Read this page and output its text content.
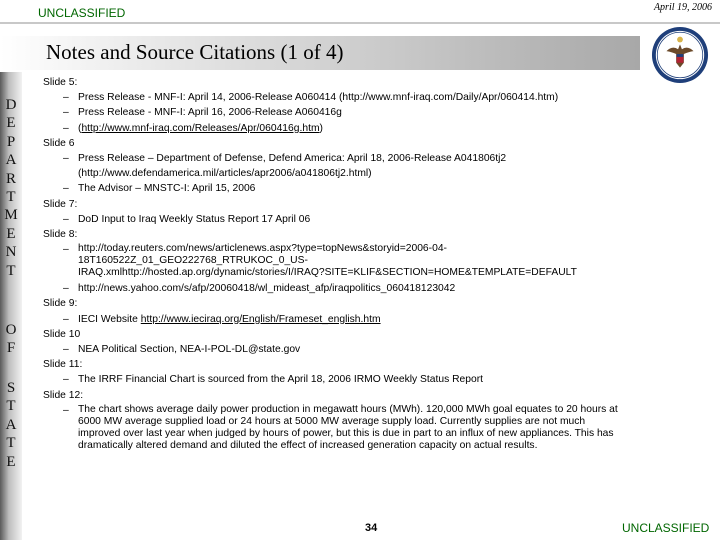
UNCLASSIFIED	April 19, 2006
Notes and Source Citations (1 of 4)
D
E
P
A
R
T
M
E
N
T
O
F
S
T
A
T
E
Slide 5:
– Press Release - MNF-I: April 14, 2006-Release A060414 (http://www.mnf-iraq.com/Daily/Apr/060414.htm)
– Press Release - MNF-I: April 16, 2006-Release A060416g
– (http://www.mnf-iraq.com/Releases/Apr/060416g.htm)
Slide 6
– Press Release – Department of Defense, Defend America: April 18, 2006-Release A041806tj2
(http://www.defendamerica.mil/articles/apr2006/a041806tj2.html)
– The Advisor – MNSTC-I: April 15, 2006
Slide 7:
– DoD Input to Iraq Weekly Status Report 17 April 06
Slide 8:
– http://today.reuters.com/news/articlenews.aspx?type=topNews&storyid=2006-04-
18T160522Z_01_GEO222768_RTRUKOC_0_US-
IRAQ.xmlhttp://hosted.ap.org/dynamic/stories/I/IRAQ?SITE=KLIF&SECTION=HOME&TEMPLATE=DEFAULT
– http://news.yahoo.com/s/afp/20060418/wl_mideast_afp/iraqpolitics_060418123042
Slide 9:
– IECI Website http://www.ieciraq.org/English/Frameset_english.htm
Slide 10
– NEA Political Section, NEA-I-POL-DL@state.gov
Slide 11:
– The IRRF Financial Chart is sourced from the April 18, 2006 IRMO Weekly Status Report
Slide 12:
– The chart shows average daily power production in megawatt hours (MWh). 120,000 MWh goal equates to 20 hours at
6000 MW average supplied load or 24 hours at 5000 MW average supply load. Currently supplies are not much
improved over last year when judged by hours of power, but this is due in part to an influx of new appliances. This has
dramatically altered demand and diluted the effect of increased generation capacity on actual results.
34	UNCLASSIFIED
